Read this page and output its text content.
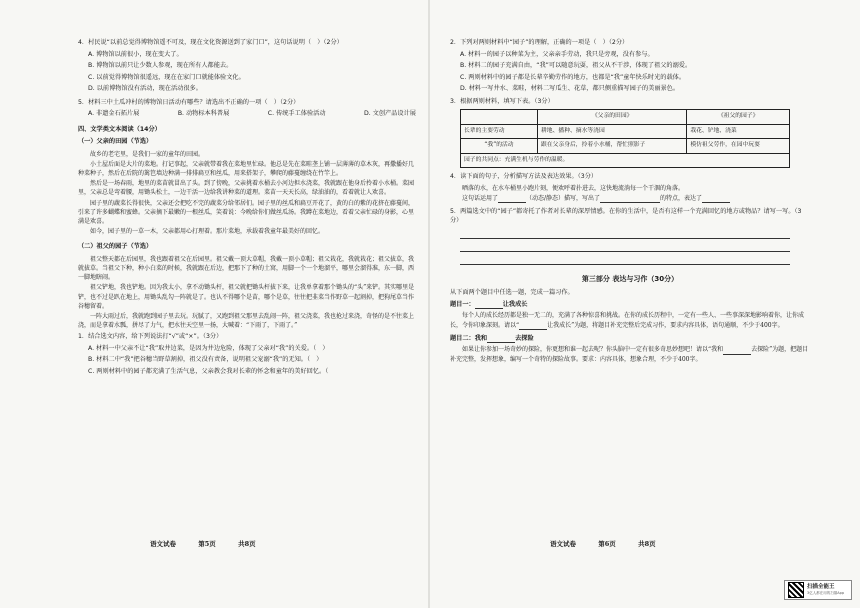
4．村民说“以前总觉得博物馆遥不可及，现在文化资源送到了家门口”，这句话说明（　）（2分）

A. 博物馆以前很小，现在变大了。

B. 博物馆以前只让少数人参观，现在所有人都能去。

C. 以前觉得博物馆很遥远，现在在家门口就能体验文化。

D. 以前博物馆没有活动，现在活动很多。

5．材料三中土瓜冲村的博物馆日活动有哪些？请选出不正确的一项（　）（2分）

A. 非遗金石拓片展	B. 动物标本科普展	C. 传统手工体验活动	D. 文创产品设计展

四、文学类文本阅读（14分）

（一）父亲的田园（节选）

故乡的老宅里，是我们一家的童年的田园。

小土屋后面是大片的菜地。打记事起，父亲就带着我在菜地里忙碌。他总是先在菜畦垄上铺一层薄薄的草木灰，再撒播好几种菜种子，然后在后院的篱笆墙边种满一排排扁豆和丝瓜，用来搭架子，攀爬的藤蔓缠绕在竹竿上。

然后是一场春雨，地里的菜苗就冒出了头。到了傍晚，父亲挑着水桶去小河边担水浇菜，我就跟在他身后拎着小水桶。菜园里，父亲总是弯着腰，用锄头松土，一边干活一边给我讲种菜的道理。菜苗一天天长高，绿油油的，看着就让人欢喜。

园子里的蔬菜长得很快，父亲还会把吃不完的蔬菜分给邻居们。园子里的丝瓜和扁豆开花了，黄的白的紫的花挤在藤蔓间，引来了许多蝴蝶和蜜蜂。父亲摘下最嫩的一根丝瓜，笑着说：今晚给你们做丝瓜汤。我蹲在菜地边，看着父亲忙碌的身影，心里满是欢喜。

如今，园子里的一草一木，父亲都用心打理着。那片菜地，承载着我童年最美好的回忆。

（二）祖父的园子（节选）

祖父整天都在后园里，我也跟着祖父在后园里。祖父戴一顶大草帽，我戴一顶小草帽；祖父栽花，我就栽花；祖父拔草，我就拔草。当祖父下种，种小白菜的时候，我就跟在后边，把那下了种的土窝，用脚一个一个地溜平，哪里会溜得准，东一脚，西一脚地瞎闹。

祖父铲地，我也铲地。因为我太小，拿不动锄头杆，祖父就把锄头杆拔下来，让我单拿着那个锄头的“头”来铲。其实哪里是铲，也不过是趴在地上，用锄头乱勾一阵就是了。也认不得哪个是苗，哪个是草，往往把韭菜当作野草一起割掉，把狗尾草当作谷穗留着。

一阵大雨过后，我就跑到园子里去玩。玩腻了，又跑到祖父那里去乱闹一阵，祖父浇菜，我也抢过来浇，奇怪的是不往菜上浇，而是拿着水瓢，拼尽了力气，把水往天空里一扬，大喊着：“下雨了，下雨了。”

1．结合选文内容，给下列说法打“√”或“×”。（3分）

A. 材料一中父亲不让“我”取井边菜，是因为井边危险，体现了父亲对“我”的关爱。（　）

B. 材料二中“我”把谷穗当野草割掉，祖父没有责备，说明祖父宠溺“我”的无知。（　）

C. 两则材料中的园子都充满了生活气息，父亲教会我对长辈的怀念和童年的美好回忆。（

语文试卷	第5页	共8页

2．下列对两则材料中“园子”的理解，正确的一项是（　）（2分）

A. 材料一的园子以种菜为主，父亲亲手劳动，我只是旁观，没有参与。

B. 材料二的园子充满自由，“我”可以随意玩耍，祖父从不干涉，体现了祖父的溺爱。

C. 两则材料中的园子都是长辈辛勤劳作的地方，也都是“我”童年快乐时光的载体。

D. 材料一写井水、菜畦，材料二写瓜生、花草，都只侧重描写园子的美丽景色。

3．根据两则材料，填写下表。（3分）

	《父亲的田园》	《祖父的园子》
长辈的主要劳动	耕地、播种、摘水等浇园	栽花、铲地、浇菜
“我”的活动	跟在父亲身后，拎着小水桶，帮忙照影子	模仿祖父劳作，在园中玩耍
园子的共同点：充满生机与劳作的温暖。		

4．读下面的句子，分析描写方法及表达效果。（3分）

晒落的水，在水车桶里小跑片刻，便欢呼着扑进去，这快地流淌每一个干涸的角落。

这句话运用了	（动态/静态）描写，写出了	的特点，表达了

5．两篇选文中的“园子”都寄托了作者对长辈的深厚情感。在你的生活中，是否有这样一个充满回忆的地方或物品？请写一写。（3分）

第三部分 表达与习作（30分）

从下面两个题目中任选一题，完成一篇习作。

题目一：	让我成长

每个人的成长经历都是独一无二的，充满了各种惊喜和挑战。在你的成长历程中，一定有一些人、一些事深深地影响着你，让你成长，令你印象深刻。请以“	让我成长”为题，将题目补充完整后完成习作，要求内容具体，语句通顺，不少于400字。

题目二：我和	去探险

如果让你参加一场奇妙的探险，你更想和谁一起去呢？你头脑中一定有很多奇思妙想吧！请以“我和	去探险”为题，把题目补充完整，发挥想象，编写一个奇特的探险故事。要求：内容具体，想象合理，不少于400字。

语文试卷	第6页	共8页
扫描全能王
3亿人都在用的扫描App
